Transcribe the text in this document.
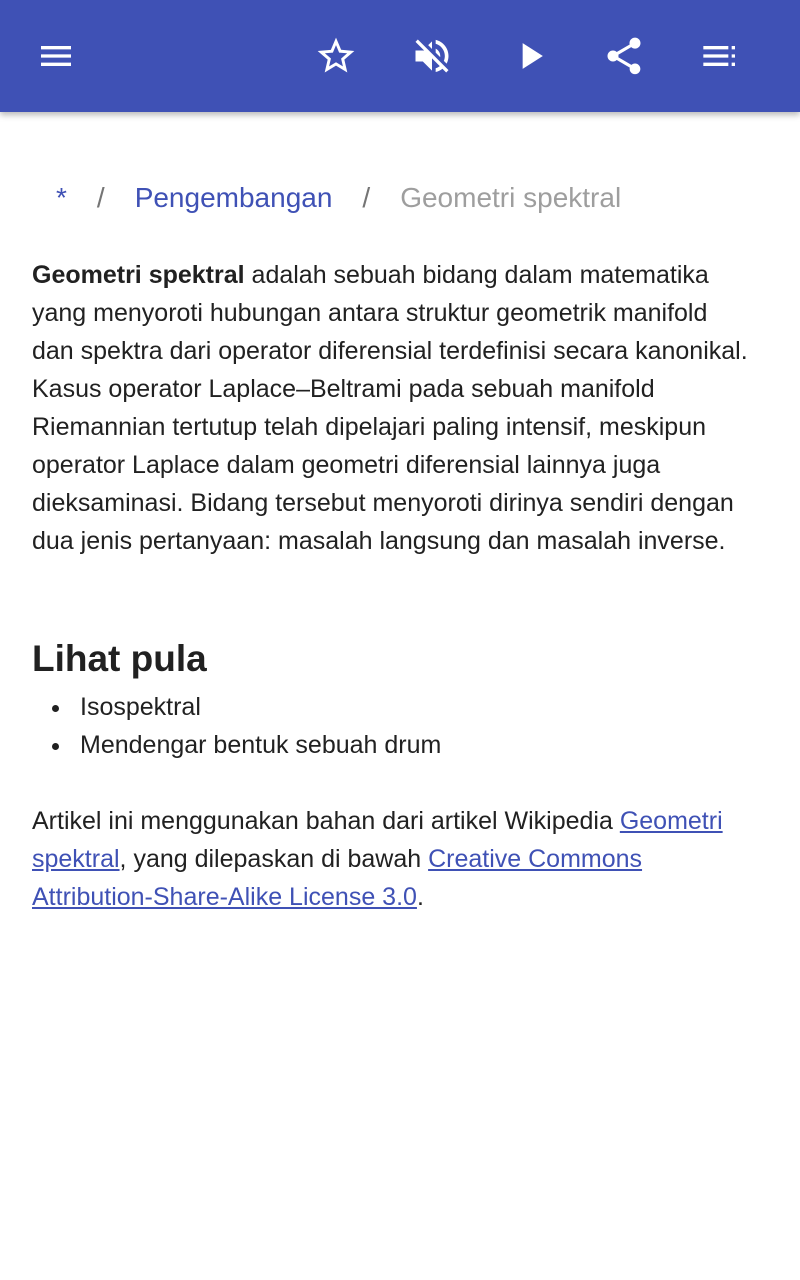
* / Pengembangan / Geometri spektral

Geometri spektral adalah sebuah bidang dalam matematika yang menyoroti hubungan antara struktur geometrik manifold dan spektra dari operator diferensial terdefinisi secara kanonikal. Kasus operator Laplace–Beltrami pada sebuah manifold Riemannian tertutup telah dipelajari paling intensif, meskipun operator Laplace dalam geometri diferensial lainnya juga dieksaminasi. Bidang tersebut menyoroti dirinya sendiri dengan dua jenis pertanyaan: masalah langsung dan masalah inverse.

Lihat pula
Isospektral
Mendengar bentuk sebuah drum

Artikel ini menggunakan bahan dari artikel Wikipedia Geometri spektral, yang dilepaskan di bawah Creative Commons Attribution-Share-Alike License 3.0.
